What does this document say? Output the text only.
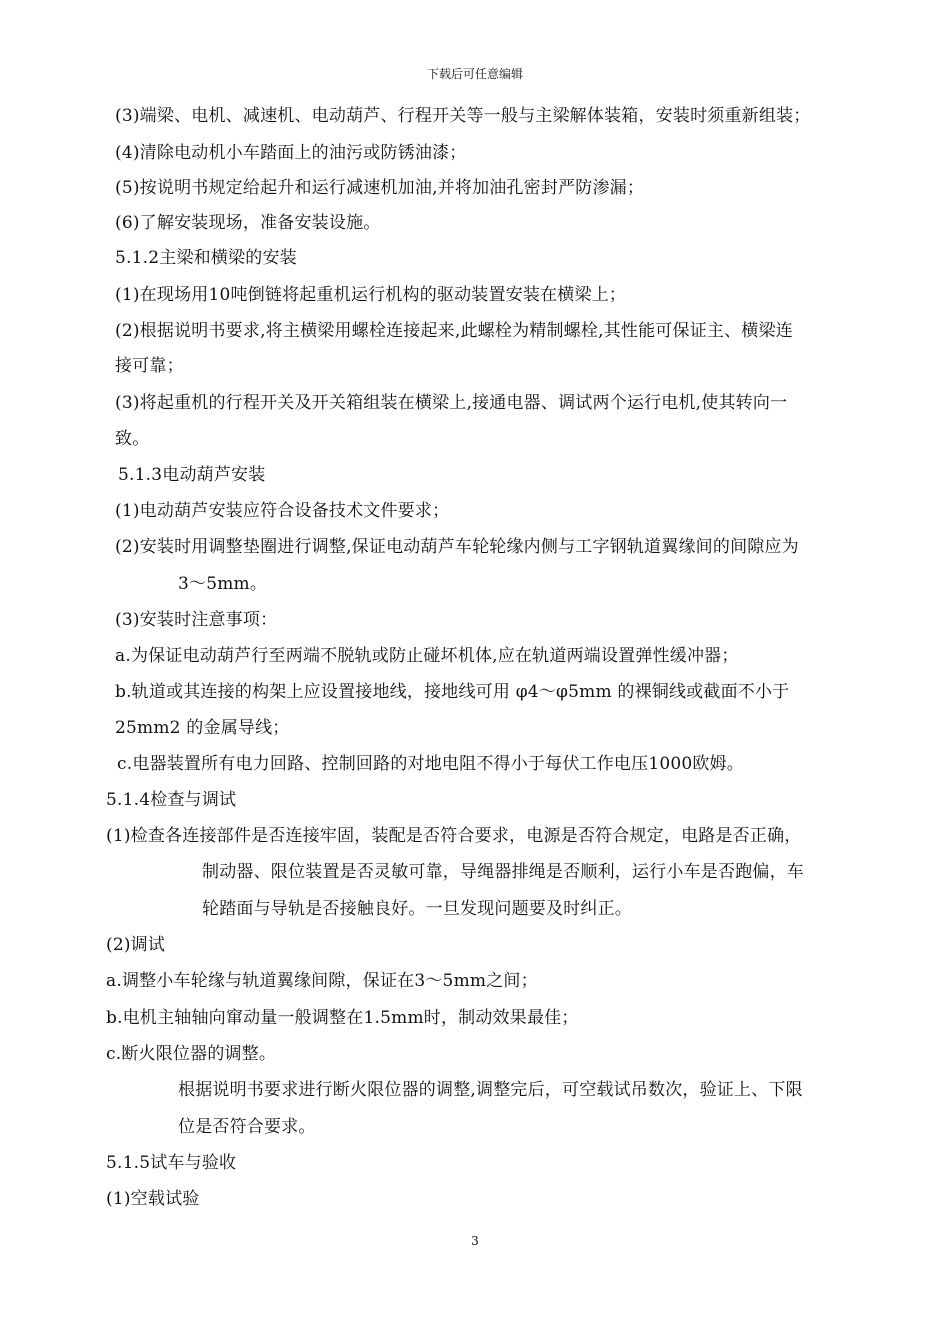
下载后可任意编辑
(3)端梁、电机、减速机、电动葫芦、行程开关等一般与主梁解体装箱，安装时须重新组装；
(4)清除电动机小车踏面上的油污或防锈油漆；
(5)按说明书规定给起升和运行减速机加油,并将加油孔密封严防渗漏；
(6)了解安装现场，准备安装设施。
5.1.2主梁和横梁的安装
(1)在现场用10吨倒链将起重机运行机构的驱动装置安装在横梁上；
(2)根据说明书要求,将主横梁用螺栓连接起来,此螺栓为精制螺栓,其性能可保证主、横梁连
接可靠；
(3)将起重机的行程开关及开关箱组装在横梁上,接通电器、调试两个运行电机,使其转向一
致。
5.1.3电动葫芦安装
(1)电动葫芦安装应符合设备技术文件要求；
(2)安装时用调整垫圈进行调整,保证电动葫芦车轮轮缘内侧与工字钢轨道翼缘间的间隙应为
3～5mm。
(3)安装时注意事项：
a.为保证电动葫芦行至两端不脱轨或防止碰坏机体,应在轨道两端设置弹性缓冲器；
b.轨道或其连接的构架上应设置接地线，接地线可用 φ4～φ5mm 的裸铜线或截面不小于
25mm2 的金属导线；
c.电器装置所有电力回路、控制回路的对地电阻不得小于每伏工作电压1000欧姆。
5.1.4检查与调试
(1)检查各连接部件是否连接牢固，装配是否符合要求，电源是否符合规定，电路是否正确，
制动器、限位装置是否灵敏可靠，导绳器排绳是否顺利，运行小车是否跑偏，车
轮踏面与导轨是否接触良好。一旦发现问题要及时纠正。
(2)调试
a.调整小车轮缘与轨道翼缘间隙，保证在3～5mm之间；
b.电机主轴轴向窜动量一般调整在1.5mm时，制动效果最佳；
c.断火限位器的调整。
根据说明书要求进行断火限位器的调整,调整完后，可空载试吊数次，验证上、下限
位是否符合要求。
5.1.5试车与验收
(1)空载试验
3
